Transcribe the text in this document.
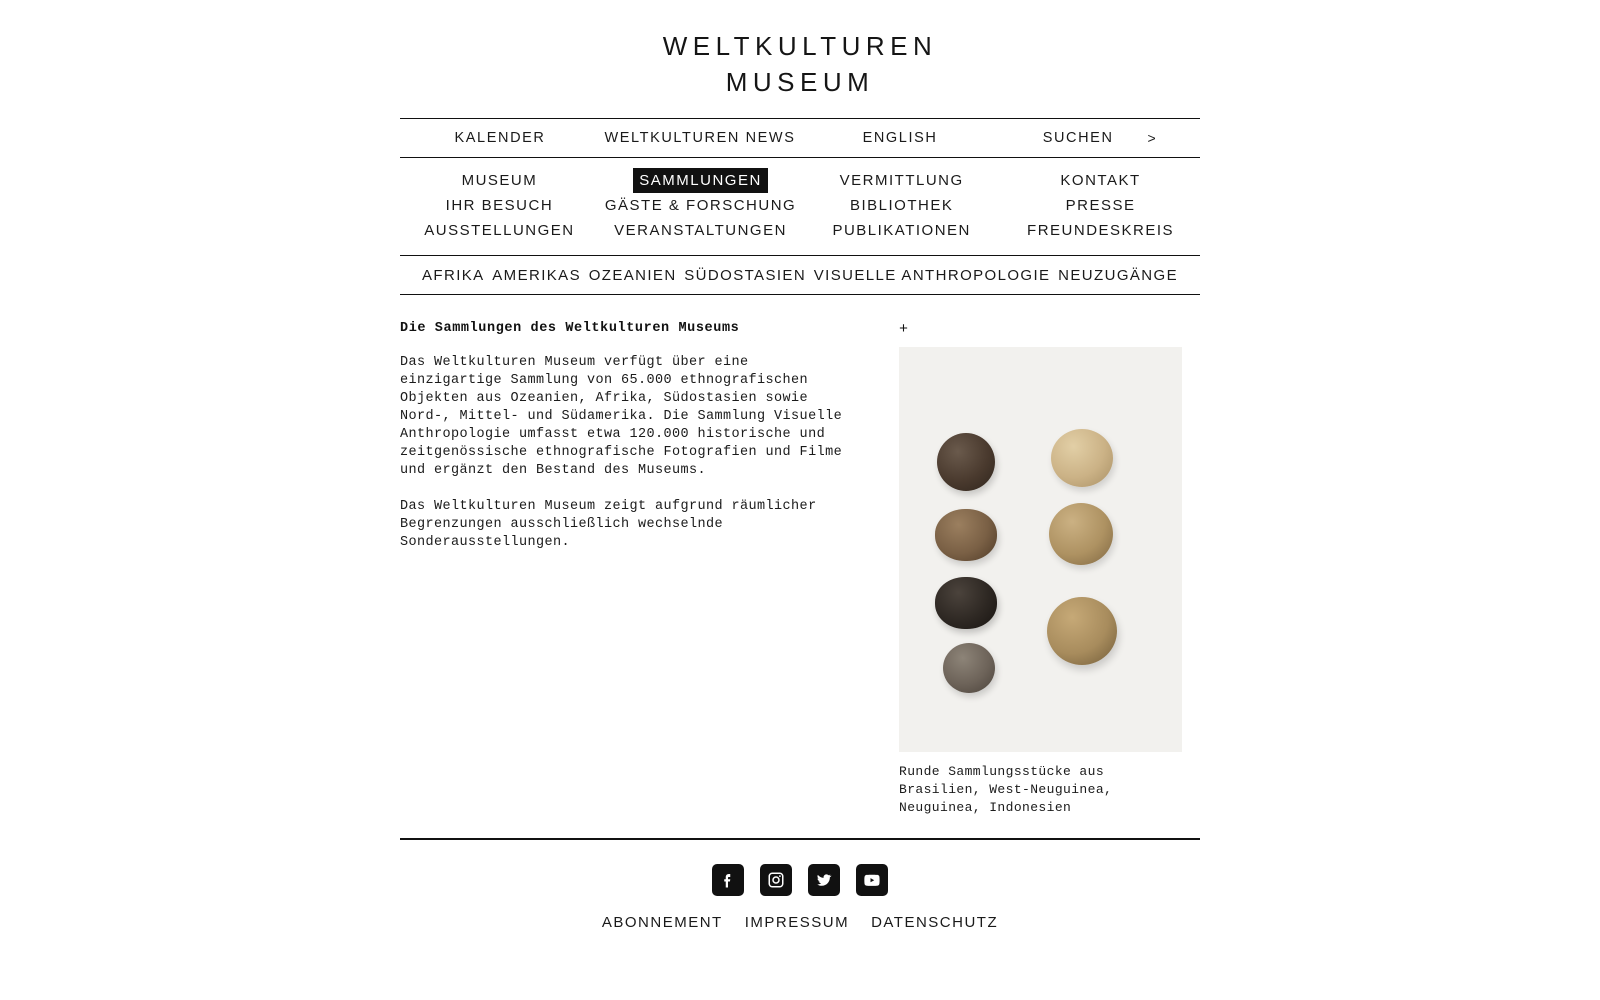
WELTKULTUREN
MUSEUM
KALENDER	WELTKULTUREN NEWS	ENGLISH	SUCHEN >
MUSEUM
IHR BESUCH
AUSSTELLUNGEN
SAMMLUNGEN
GÄSTE & FORSCHUNG
VERANSTALTUNGEN
VERMITTLUNG
BIBLIOTHEK
PUBLIKATIONEN
KONTAKT
PRESSE
FREUNDESKREIS
AFRIKA AMERIKAS OZEANIEN SÜDOSTASIEN VISUELLE ANTHROPOLOGIE NEUZUGÄNGE
Die Sammlungen des Weltkulturen Museums

Das Weltkulturen Museum verfügt über eine einzigartige Sammlung von 65.000 ethnografischen Objekten aus Ozeanien, Afrika, Südostasien sowie Nord-, Mittel- und Südamerika. Die Sammlung Visuelle Anthropologie umfasst etwa 120.000 historische und zeitgenössische ethnografische Fotografien und Filme und ergänzt den Bestand des Museums.

Das Weltkulturen Museum zeigt aufgrund räumlicher Begrenzungen ausschließlich wechselnde Sonderausstellungen.

+
Runde Sammlungsstücke aus Brasilien, West-Neuguinea, Neuguinea, Indonesien
ABONNEMENT IMPRESSUM DATENSCHUTZ
